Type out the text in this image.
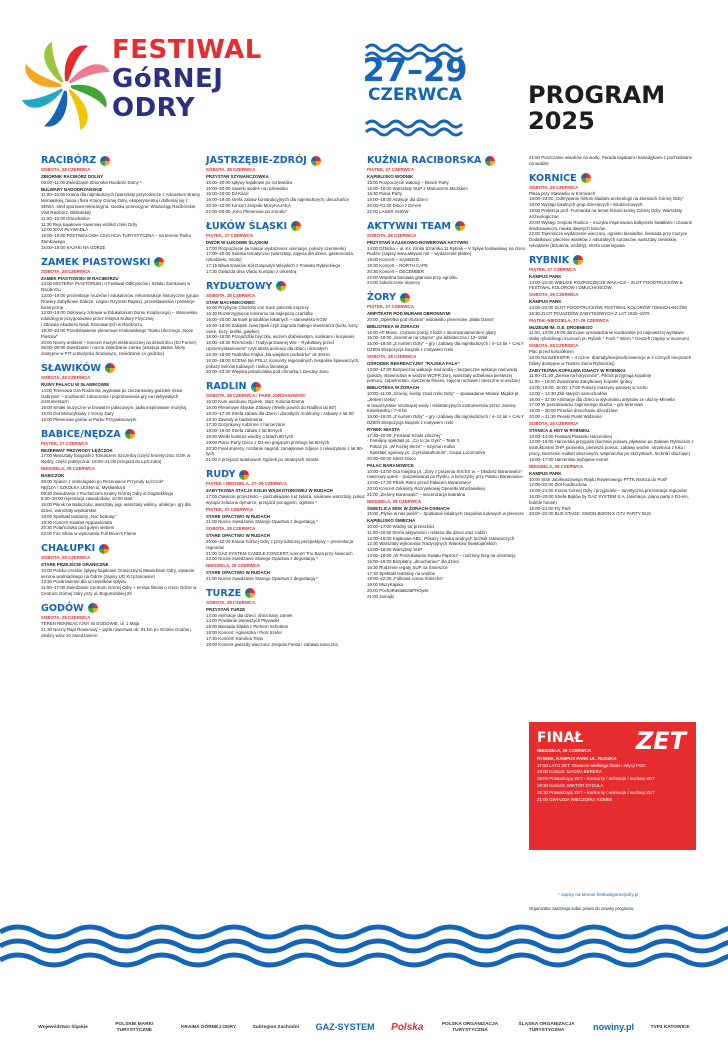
FESTIWAL
GóRNEJ
ODRY
27–29
CZERWCA	PROGRAM
2025
RACIBÓRZ
SOBOTA, 28 CZERWCA
ZBIORNIK RACIBÓRZ DOLNY
09:00–11:00 Zwiedzanie Zbiornika Racibórz Dolny *
BULWARY NADODRZAŃSKIE
11:00–15:00 Kraina dla najmłodszych (warsztaty przyrodnicze z Arboretum Bramy Morawskiej, fauna i flora Krainy Górnej Odry, eksperymentuj i dotleniaj się z SDWA, stref sportowo-rekreacyjna, stoiska promocyjne: Wodociągi Racibórskie, Visit Racibórz, Biblioteka)
11:00–15:00 Dmuchańce
11:30 Rejs kajakowo-rowerowy wzdłuż rzeki Odry
12:00 XXVI PŁYWADŁA
15:00–19:00 FESTIWALOWA CIUCHCIA TURYSTYCZNA – na terenie Parku Zamkowego
15:00–19:00 KAJAKI NA ODRZE
ZAMEK PIASTOWSKI
SOBOTA, 28 CZERWCA
ZAMEK PIASTOWSKI W RACIBORZU
13:00 MISTERIA PIASTORUM i II Festiwal Odkrywców i Szlaku Zamkowej w Raciborzu
13:00–19:00 prezentacje muzeów i edukatorów, rekonstrukcje historyczne (grupa Rowery Zabytkowe Zabrze, Legion Rzymski Rapax), przedstawienia i prelekcje historyczne
13:00–19:00 Odkrywcy zdrowia w Edukatorium Domu Książęcego) – stanowisko edukacyjne przygotowane przez Instytut Kultury Fizycznej
i Zdrowia Akademii Nauk Stosowanych w Raciborzu,
19:30–24:00 Przedstawienie plenerowe Krakowskiego Teatru Ulicznego „Noce Piastów”
20:00 Nocny ambient – koncert muzyki elektronicznej na dziedzińcu (DJ Furrier)
08:00–00:00 Zwiedzanie i nocne zwiedzanie zamku (atrakcja płatna, bilety dostępne w PIT w Budynku Środowym, zwiedzanie co godzinę)
SŁAWIKÓW
SOBOTA, 28 CZERWCA
RUINY PAŁACU W SŁAWIKOWIE
14:00 Terenowa Gra Rodzinna „wyprawa po zaczarowany gwizdek misia Gabrysia” – możliwość zobaczenia i poprobowania gry na niebywałych instrumentach
15:00 Smaki muzyczne w browarze pałacowym, jadła inspirowane muzyką
15:00 Dot Motocyklowy z Sosny Dary
16:00 Plenerowe granie w Parku Przypałacowym
BABICE/NĘDZA
PIĄTEK, 27 CZERWCA
REZERWAT PRZYRODY ŁĘŻCZOK
17:00 Warsztaty fotografii z Tomaszem Szczerbą (część teoretyczna: GOK w Nędzy, część praktyczna: 18:00–21:00 przejazd do Łężczoka)
NIEDZIELA, 29 CZERWCA
BABICZOK
08:00 Spacer z ornitologiem po Rezerwacie Przyrody Łężczok*
NĘDZA / SZKÓŁKA LEŚNA ul. Myśliwska 6
09:30 Zwiedzanie z Puchaczem Krainy Górnej Odry w Dogtrekkingu
8:30–10:00 rejestracja zawodników, 10:00 start
16:00 Piknik na Babiczoku: warsztaty jogi, warsztaty wikliny, atrakcje i gry dla dzieci, warsztaty wędkarskie
18:00 Spektakl teatralny „Noc bębniąc”
19:30 Koncert Kwartet Appassionata
20:30 Potańcówka pod gołym niebem
22:00 Fire Show w wykonaniu Full Moon’s Flame
CHAŁUPKI
SOBOTA, 28 CZERWCA
STARE PRZEJŚCIE GRANICZNE
10:00 Polsko-czeskie spływy kajakowe Granicznymi Meandrami Odry, otwarcie sezonu wodniackiego na Odrze (zapisy UG Krzyżanowice)
13:30 Pozdrowienie dla uczestników spływu
11:00–17:00 Zwiedzanie Centrum Górnej Odry + emisja filmów o rzece Odrze w Centrum Górnej Odry przy ul. Bogumińskiej 25
GODÓW
SOBOTA, 28 CZERWCA
TEREN REKREACYJNY W GODOWIE, ul. 1 Maja
21:30 Nocny Rajd Rowerowy – pętla rowerowa ok. 31 km po Gminie Godów i okolicy wraz ze zwiedzaniem.
JASTRZĘBIE-ZDRÓJ
SOBOTA, 28 CZERWCA
PRZYSTAŃ SZYMAŃCZOWKA
15:00–20:00 spływy kajakowe po rozlewisku
15:00–20:00 rowerki wodne na rozlewisku
15:00–20:00 DJ Karol
16:00–19:00 strefa zabaw konstrukcyjnych dla najmłodszych, dmuchańce
20:30–22:00 koncert zespołu MuzyKAJAKA
22:00–00:00 „Kino Plenerowe po zmroku”
ŁUKÓW ŚLĄSKI
PIĄTEK, 27 CZERWCA
DWÓR W ŁUKOWIE ŚLĄSKIM
17:00 Rozpoczęcie (w trakcie wydarzenia: animacje, pokazy szermierki)
17:00–20:00 Stoiska tematyczne (warsztaty, zajęcia dla dzieci, gastronomia, rękodzieło, miody)
17:15 Bitwa smaków Kół Gospodyń Wiejskich z Powiatu Rybnickiego
17:30 Gwiazda dnia Vlado Kumpan z orkiestrą
RYDUŁTOWY
SOBOTA, 28 CZERWCA
STAW MACHNIKOWIEC
16:00 Przybycie Charlotty von Sack patronki imprezy
16:30 Rozstrzygnięcie konkursu na najlepszą czarlotkę
16:00–20:00 Jarmark produktów lokalnych + stanowisko KGW
16:00–18:00 Zakątek zwierzątek czyli zagroda małego inwentarza (kurki, kozy, owce, kozy, króliki, gołębie)
16:00–19:00 Przejażdżki bryczką, wozem drabiniastym, konikami i kucykami
16:00–19:30 Rzemiosło i Tradycja Dawnej Wsi – Rydułtowy przed Uprzemysłowieniem” czyli strefa animacji dla dzieci i dorosłych
16:30–19:00 Teatralna Frajka „Na wiejskim podwórku” ok 30min
16:00–18:00 SCENA NA POLU: Koncerty regionalnych zespołów śpiewaczych, pokazy tańców ludowych i tańca liniowego
20:00–23:30 Wiejska potańcówka pod chmurką z DeeJay Jano
RADLIN
SOBOTA, 28 CZERWCA / PARK JORDANOWSKI
15:00 Kurs autobusu Ogórek, start: Kolonia Emma
16:00 Plenerowe Śląskie Zabawy (Wielki powrót do Radlina lat 80’)
18:20–17:30 Strefa zabaw dla dzieci i dorosłych. Konkursy i zabawy z lat 80’
18:40 Zawody w badmintona
17:30 Dożynkowy rodzinne z harcerzami
18:00–19:00 Strefa zabaw z lat 80-tych
18:30 Wielki konkurs wiedzy o latach 80-tych
19:00 Piano Party Disco z DJ-em grającym przeboje lat 80-tych
20:20 Finał imprezy, rozdanie nagród, zamiętkowe zdjęcie z rekwizytami z lat 80-tych
21:00 II przejazd autobusem Ogórek po atrakcjach miasta
RUDY
PIĄTEK I NIEDZIELA, 27–29 CZERWCA
ZABYTKOWA STACJA KOLEI WĄSKOTOROWEJ W RUDACH
17:00 Otwarcie przeszłości – poszukiwanie rud żelaza, naukowe warsztaty, pokaz wytopu żelaza w dymarce, przejazd pociągiem, ognisko *
PIĄTEK, 27 CZERWCA
STARE OPACTWO W RUDACH
21:00 Nocne zwiedzanie Starego Opactwa z degustacją *
SOBOTA, 28 CZERWCA
STARE OPACTWO W RUDACH
20:00–22:00 Kraina Górnej Odry z przyrodniczej perspektywy – prezentacja regionów
21:00 GAZ SYSTEM CANDLE CONCERT, koncert Trio Bara przy świecach
22:00 Nocne zwiedzanie Starego Opactwa z degustacją *
NIEDZIELA, 29 CZERWCA
STARE OPACTWO W RUDACH
21:00 Nocne zwiedzanie Starego Opactwa z degustacją *
TURZE
SOBOTA, 28 CZERWCA
PRZYSTAŃ TURZE
14:00 Animacje dla dzieci, dmuchany zamek
14:00 Powitanie pierwszych Pływadeł
15:00 Biesiada śląska z Pietrem Schottem
16:00 Koncert: Agnieszka i Piotr Szefer
17:30 Koncert: Karolina Trela
18:00 Koncert gwiazdy wieczoru: Zespołu Fiesta i zabawa taneczna
KUŹNIA RACIBORSKA
PIĄTEK, 27 CZERWCA
KĄPIELISKO WODNIK
15:00 Rozpoczęcie wakacji – Beach Party
15:00–18:00 Warsztaty SUP z Mariuszem Miczkiem
16:30 Piana Party
15:00–19:00 Atrakcje dla dzieci
20:00–01:00 Disco z DJ-em
22:00 LASER SHOW
AKTYWNI TEAM
SOBOTA, 28 CZERWCA
PRZYSTAŃ KAJAKOWO-ROWEROWA AKTYWNI
14:00 Dźbicka – ul. Ks. Emila Szramka 11 Rybnik – V Spływ festiwalowy na rzece Rudzie (zapisy www.aktywni.net – wydarzenie płatne)
18:00 Koncert – SĄSIEDZI
19:30 Koncert – NORTH CAPE
20:30 Koncert – DECEMBER
22:00 Wspólna biesiada gitarowa przy ognisku
24:00 zakończenie imprezy
ŻORY
PIĄTEK, 27 CZERWCA
AMFITEATR POD MURAMI OBRONNYMI
20:00 „Operetka pod murami” widowisko plenerowe „Biała Dama”
BIBLIOTEKA W ŻORACH
16:00 AF Music, czytanie poezji z łodzi z akompaniamentem gitary
15:00–18:00 „Ściemnie na Utopce” gra biblioteczna / 13–18lat
15:00–19:00 „Z nurtem Odry” – gry i zabawy dla najmłodszych / 4–13 lat + CAŁY DZIEŃ Ekspozycja książek z motywem rzeki
SOBOTA, 28 CZERWCA
OŚRODEK REKREACYJNY “RAJSKA FALA”
13:00–17:00 Bezpieczne wakacje nad wodą – bezpieczne wakacje nad wodą (pokazy ratownictwa w wodzie WOPR Żory, warsztaty udzielania pierwszej pomocy, zapaśnictwo, ćwiczenia fitness, zajęcia ruchowe i taneczne w wodzie)
BIBLIOTEKA W ŻORACH
10:00–11:00 „Szumy, świsty znad rzeki Odry” – opowiadanie Melanii Migdoł pt. „Jestem rzeką”
w towarzystwie szumiącej wody i relaksacyjnych instrumentów przez Joannę Kisielewską / 7–9 lat
15:00–19:00 „Z nurtem Odry” – gry i zabawy dla najmłodszych / 4–13 lat + CAŁY DZIEŃ Ekspozycja książek z motywem rzeki
RYNEK MIASTA
17:30–20:00 „Festiwal Sztuki Ulicznej”
· Familijny spektakl pt. „Co to za rzyki” – Teatr 0
· Pokaz pt. „W Kozłej Skrze” – Szymon Kulka
· Spektakl ogniowy pt. „Cyrkolakultorium”, Grupa Locomotiva
20:00–00:00 Silent Disco
PAŁAC BARANOWICE
10:00–13:00 Gra miejska pt. „Żory z prażenia XIX/XX w. – Gładosz Baranowice” rowerowy quest – poszukiwania po Rynku, a kończymy przy Pałacu Baranowice
13:00–17:30 Piknik Retro przed Pałacem Baranowice
20:00 Koncert Orkiestry Rozrywkowej Operetki Wrocławskiej
21:00 „Zielony Baranowic” – inscenizacja teatralna
NIEDZIELA, 29 CZERWCA
ŚWIETLICA MOK W ŻORACH-OSINACH
15:00 „Płynie w nas pieśń” – Spotkanie lokalnych zespołów ludowych w plenerze
KĄPIELISKO ŚMIECHA
10:00–17:00 Wodny tor przeszkód
11:00–18:30 Strefa aktywności i relaksu dla dzieci oraz rodzin
12:00–15:00 Kajakowe ABC, Pokazy i nauka wodnych technik ratowniczych
12:30 Warsztaty wykonania Tradycyjnych Wianków Świętojańskich
13:00–18:00 Warsztaty SUP
14:00–19:00 „W Poszukiwaniu Kwiatu Paproci” – rodzinny bieg na orientację
15:00–18:00 Bezpłatny „dmuchaniec” dla dzieci
16:30 Rodzinne regaty SUP na Śmieszce
17:30 Spektakl teatralny na wodzie
19:00–22:00 „Folkowa scena Śmiecha”.
19:00 MuzyKajaka
20:00 PochoRastaBotaPROjekt
21:00 Jamajki
21:50 Puszczanie wianków na wodę. Parada kajakami i kanadyjkami z pochodniami na wodzie
KORNICE
SOBOTA, 28 CZERWCA
Plaża przy Stawiarku w Kornicach
18:00–23:00 „Odkrywanie historii śladami archeologii na Ziemiach Górnej Odry”
18:00 Wystąp lokalnych grup dziecięcych i młodzieżowych.
18:00 Prelekcja prof. Furmanka na temat historii krainy Górnej Odry. Warsztaty archeologiczne
20:00 Występ zespołu Rustico – muzyka inspirowana bałtyckimi światłami i czasami średniowiecza, nauka dawnych tańców
22:00 Tajemnicze wydarzenie wieczoru, ognisko biesiadne, biesiada przy muzyce
Dodatkowo: plecenie wianków z naturalnych surowców, warsztaty zielarskie, rękodzieło (biżuteria, ozdoby), strefa cateringowa
RYBNIK
PIĄTEK, 27 CZERWCA
KAMPUS PARK
14:00–22:00 WIELKIE ROZPOCZĘCIE WAKACJI – ZLOT FOODTRUCKÓW & FESTIWAL KOLORÓW I DMUCHAŃCÓW
SOBOTA, 28 CZERWCA
KAMPUS PARK
14:00–22:00 ZLOT FOODTRUCKÓW, FESTIWAL KOLORÓW I DMUCHAŃCÓW
16:30 ZLOT POJAZDÓW ZABYTKOWYCH Z LAT 1932–1979
PIĄTEK–NIEDZIELA, 27–29 CZERWCA
MUZEUM IM. O.E. DROBNEGO
11:00, 13:00 15:00 darmowe oprowadzanie kuratorskie po najnowszej wystawie stałej rybnickiego muzeum pt. Rybnik * Foch * Intern * Geszeft (zapisy w muzeum)
SOBOTA, 28 CZERWCA
Plac przed kościółkiem
18:00 Na SZEKSPIR – 4 różne: dramaty/miejsce/konwencje w 4 różnych miejscach (bilety dostępne w Teatrze Ziemi Rybnickiej)
ZABYTKOWA KOPALNIA IGNACY W RYBNIKU
11:00–21:30 „Ziemia na horyzoncie”, Piknot przyjmują kopalnię
11:00 – 19:00 Zwiedzanie Zabytkowej Kopalni Ignacy
14:00; 15:00; 16:00; 17:00 Pokazy maszyny parowej w ruchu
12:00 – 14:30 Złot starych samochodów
16:00 – 22:00 Animacje dla dzieci w wykonaniu artystów ze ułużny-Mimella
17:00 W poszukiwaniu zaginionego skarbu – gra terenowa
16:00 – 20:00 Pirackie dmuchanie dżezdżane
20:00 – 21:30 Pesski Punkt Widzenia
SOBOTA, 28 CZERWCA
STANICA & HOT W RYBNIKU
10:00–14:00 Festiwal Piosenki Harcerskiej
12:00–16:00 Harcerska przygoda (kuchnia polowa, pływanie po Zalewie Rybnickim z instruktorami ZHP, pionierka, pierwsza pomoc, zabawy wodne, strzelnica z łuku i procy, tworzenie makiet obozowych, wspinaczka po skrzynkach, techniki obozowe)
16:00–17:00 Harcerskie wybijanie monet
NIEDZIELA, 29 CZERWCA
KAMPUS PARK
10:00 Start Jubileuszowego Rajdu Rowerowego PTTK Ramza do Pusl*
12:00–22:00 Zlot foodtrucków
15:00–21:00 Kraina Górnej Odry i przyjaciele – turystyczna prezentacja regionów
15:00–20:00 Strefa Bajtów by GAZ SYSTEM S.A. (animacje, piano party z DJ-em, bubble house)
15:00–21:00 Fly Park
20:00–22:00 BUS STAGE: SIMON BIZON X GTV PARTY BUS
FINAŁ	ZET
NIEDZIELA, 29 CZERWCA
RYBNIK, KAMPUS PARK UL. RUDZKA
17:50 LATO ZET: Otwarcie wielkiego finału i edycji FGO
18:00 Koncert: MAGDA BERERA
19:00 Prowadzący ZET – konkursy / animacje / suchary ZET
19:30 Koncert: WIKTOR DYDUŁA
20:30 Prowadzący ZET – konkursy / animacje / suchary ZET
21:00 GWIAZDA WIECZORU: KOMBII
* zapisy na stronie festiwalgornejodry.pl
Organizator zastrzega sobie prawo do zmiany programu.
Województwo Śląskie
POLSKIE MARKI TURYSTYCZNE
KRAINA GÓRNEJ ODRY	Subregion Zachodni GAZ-SYSTEM Polska	POLSKA ORGANIZACJA TURYSTYCZNA
ŚLĄSKA ORGANIZACJA TURYSTYCZNA	nowiny.pl	TVP3 KATOWICE
